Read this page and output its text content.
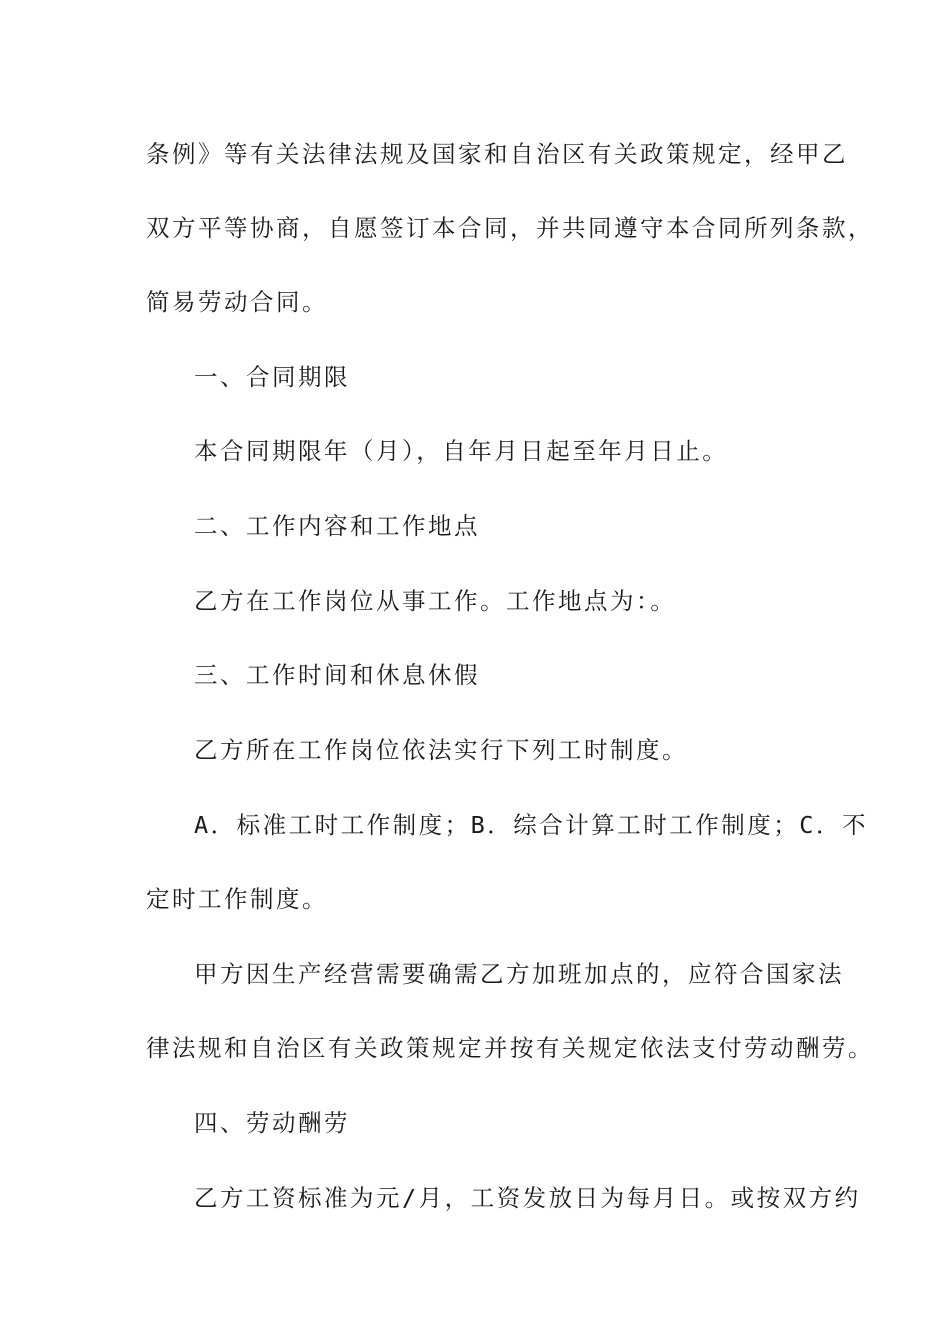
条例》等有关法律法规及国家和自治区有关政策规定，经甲乙
双方平等协商，自愿签订本合同，并共同遵守本合同所列条款，
简易劳动合同。
一、合同期限
本合同期限年（月），自年月日起至年月日止。
二、工作内容和工作地点
乙方在工作岗位从事工作。工作地点为：。
三、工作时间和休息休假
乙方所在工作岗位依法实行下列工时制度。
A．标准工时工作制度；B．综合计算工时工作制度；C．不
定时工作制度。
甲方因生产经营需要确需乙方加班加点的，应符合国家法
律法规和自治区有关政策规定并按有关规定依法支付劳动酬劳。
四、劳动酬劳
乙方工资标准为元/月，工资发放日为每月日。或按双方约
